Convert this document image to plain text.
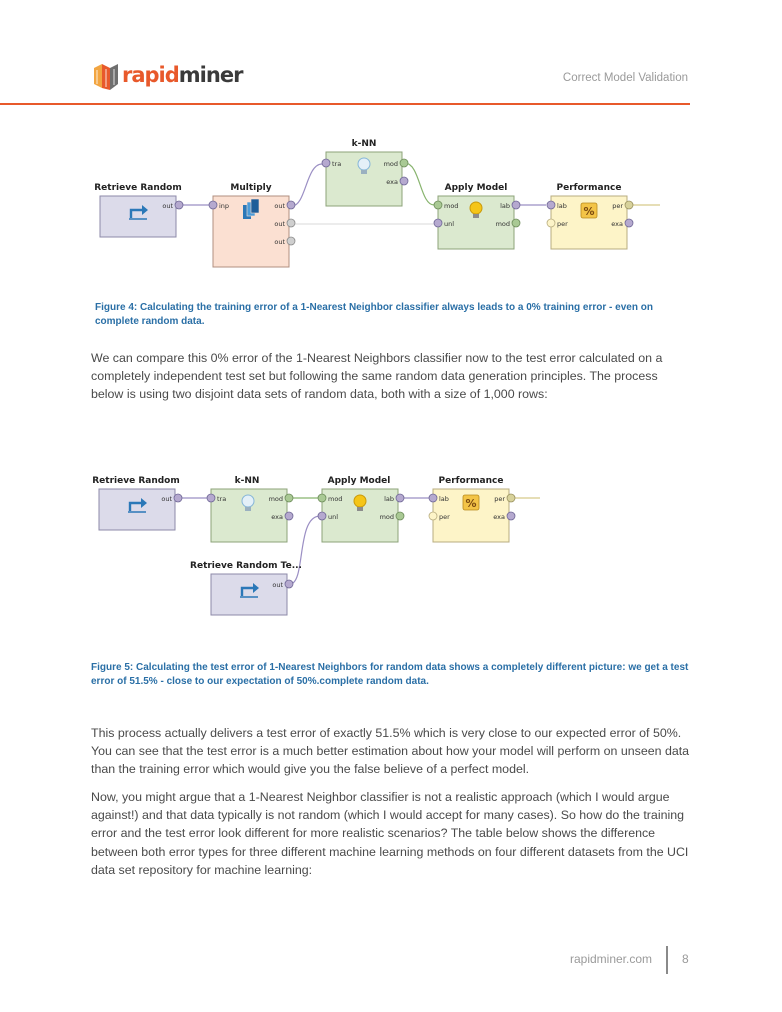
rapidminer	Correct Model Validation
Retrieve Random
out
Multiply
inp	out
out
out
k-NN
tra	mod
exa
Apply Model
mod
unl
lab
mod
Performance
%
lab
per
per
exa
Figure 4: Calculating the training error of a 1-Nearest Neighbor classifier always leads to a 0% training error - even on complete random data.

We can compare this 0% error of the 1-Nearest Neighbors classifier now to the test error calculated on a completely independent test set but following the same random data generation principles. The process below is using two disjoint data sets of random data, both with a size of 1,000 rows:

Retrieve Random
out
k-NN
tra	mod
exa
Apply Model
mod
unl
lab
mod
Performance
%
lab
per
per
exa
Retrieve Random Te...
out
Figure 5: Calculating the test error of 1-Nearest Neighbors for random data shows a completely different picture: we get a test error of 51.5% - close to our expectation of 50%.complete random data.

This process actually delivers a test error of exactly 51.5% which is very close to our expected error of 50%. You can see that the test error is a much better estimation about how your model will perform on unseen data than the training error which would give you the false believe of a perfect model.

Now, you might argue that a 1-Nearest Neighbor classifier is not a realistic approach (which I would argue against!) and that data typically is not random (which I would accept for many cases). So how do the training error and the test error look different for more realistic scenarios? The table below shows the difference between both error types for three different machine learning methods on four different datasets from the UCI data set repository for machine learning:

rapidminer.com	8
